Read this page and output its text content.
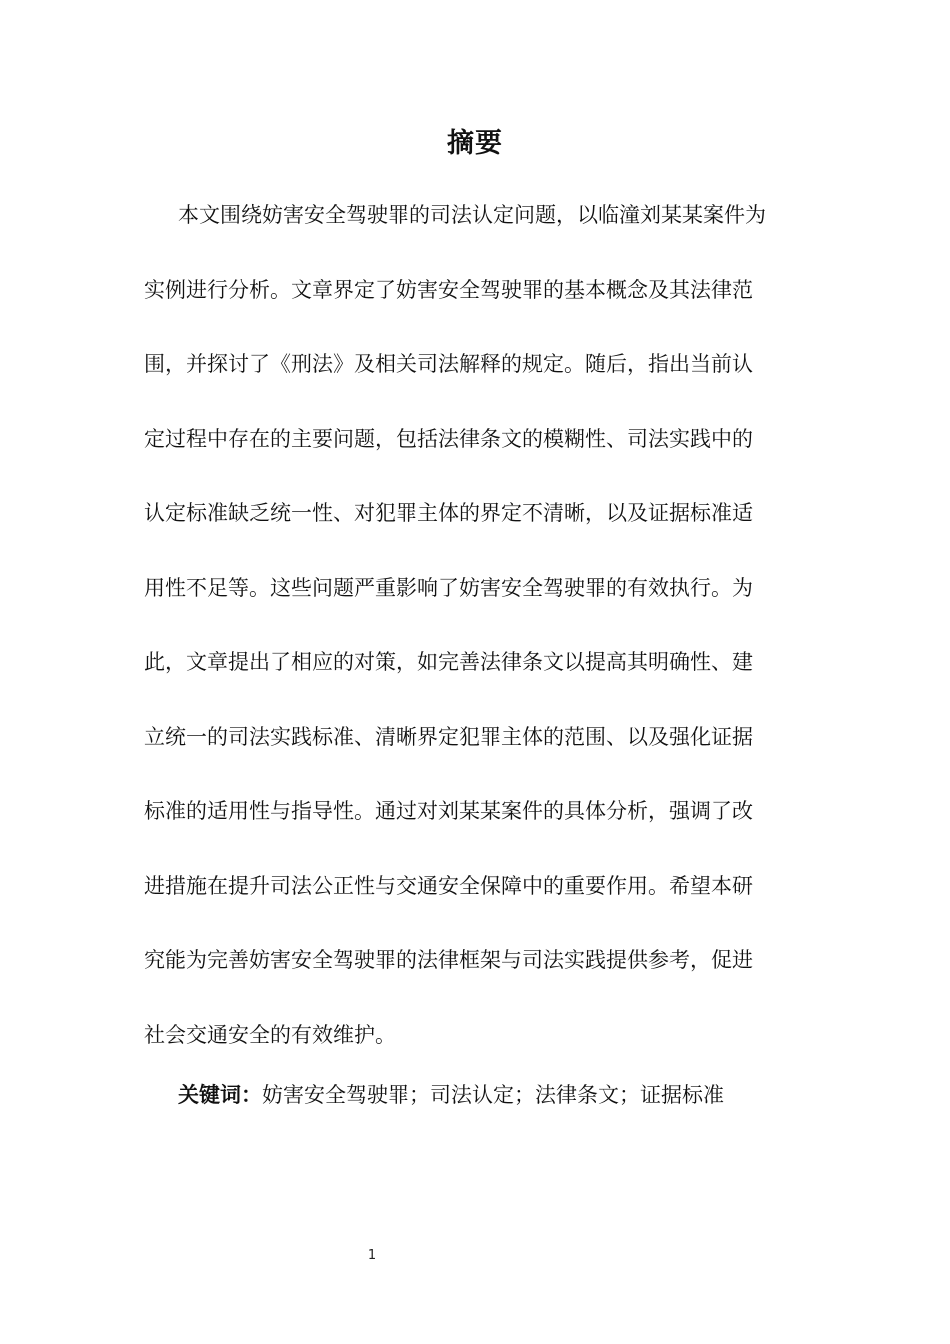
摘要
本文围绕妨害安全驾驶罪的司法认定问题，以临潼刘某某案件为
实例进行分析。文章界定了妨害安全驾驶罪的基本概念及其法律范
围，并探讨了《刑法》及相关司法解释的规定。随后，指出当前认
定过程中存在的主要问题，包括法律条文的模糊性、司法实践中的
认定标准缺乏统一性、对犯罪主体的界定不清晰，以及证据标准适
用性不足等。这些问题严重影响了妨害安全驾驶罪的有效执行。为
此，文章提出了相应的对策，如完善法律条文以提高其明确性、建
立统一的司法实践标准、清晰界定犯罪主体的范围、以及强化证据
标准的适用性与指导性。通过对刘某某案件的具体分析，强调了改
进措施在提升司法公正性与交通安全保障中的重要作用。希望本研
究能为完善妨害安全驾驶罪的法律框架与司法实践提供参考，促进
社会交通安全的有效维护。
关键词：妨害安全驾驶罪；司法认定；法律条文；证据标准
1
